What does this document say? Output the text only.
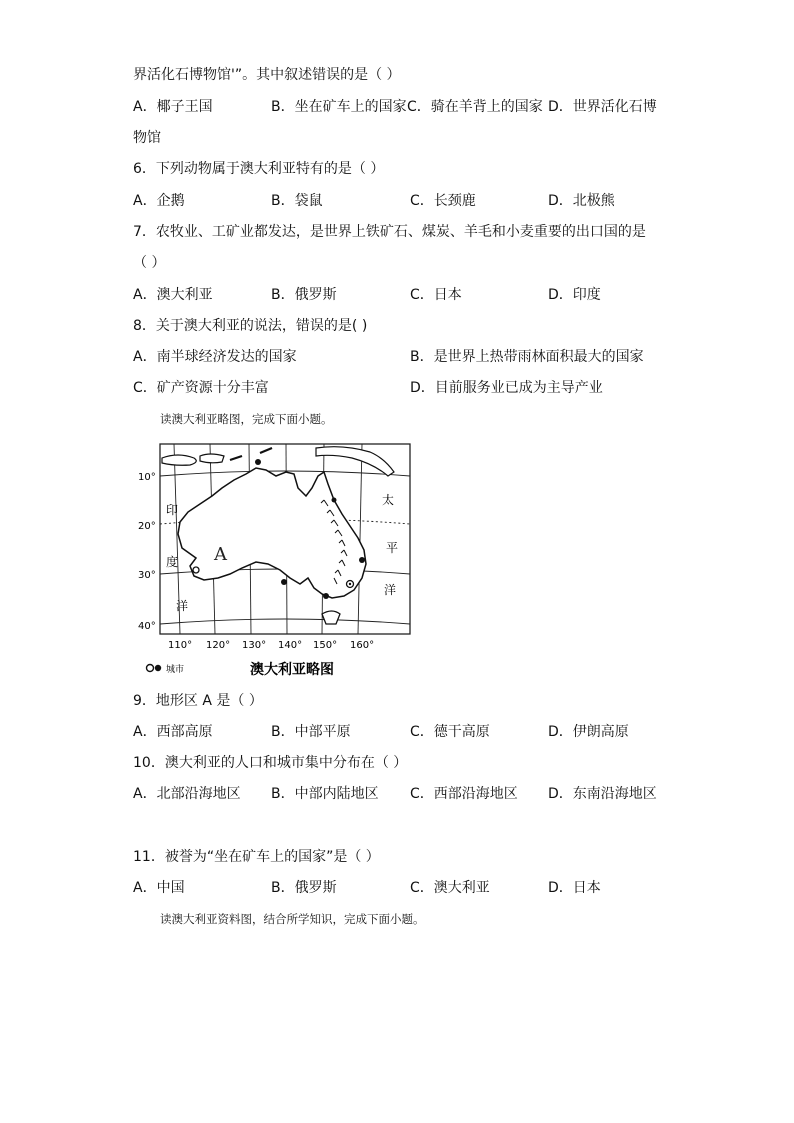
界活化石博物馆'”。其中叙述错误的是（ ）
A．椰子王国	B．坐在矿车上的国家 C．骑在羊背上的国家 D．世界活化石博
物馆
6．下列动物属于澳大利亚特有的是（ ）
A．企鹅	B．袋鼠	C．长颈鹿	D．北极熊
7．农牧业、工矿业都发达，是世界上铁矿石、煤炭、羊毛和小麦重要的出口国的是
（ ）
A．澳大利亚	B．俄罗斯	C．日本	D．印度
8．关于澳大利亚的说法，错误的是( )
A．南半球经济发达的国家	B．是世界上热带雨林面积最大的国家
C．矿产资源十分丰富	D．目前服务业已成为主导产业
读澳大利亚略图，完成下面小题。
A
印
度
洋
太
平
洋
10°
20°
30°
40°
110° 120° 130° 140° 150° 160°
城市	澳大利亚略图
9．地形区 A 是（ ）
A．西部高原	B．中部平原	C．德干高原	D．伊朗高原
10．澳大利亚的人口和城市集中分布在（ ）
A．北部沿海地区 B．中部内陆地区 C．西部沿海地区 D．东南沿海地区
11．被誉为“坐在矿车上的国家”是（ ）
A．中国	B．俄罗斯	C．澳大利亚	D．日本
读澳大利亚资料图，结合所学知识，完成下面小题。
